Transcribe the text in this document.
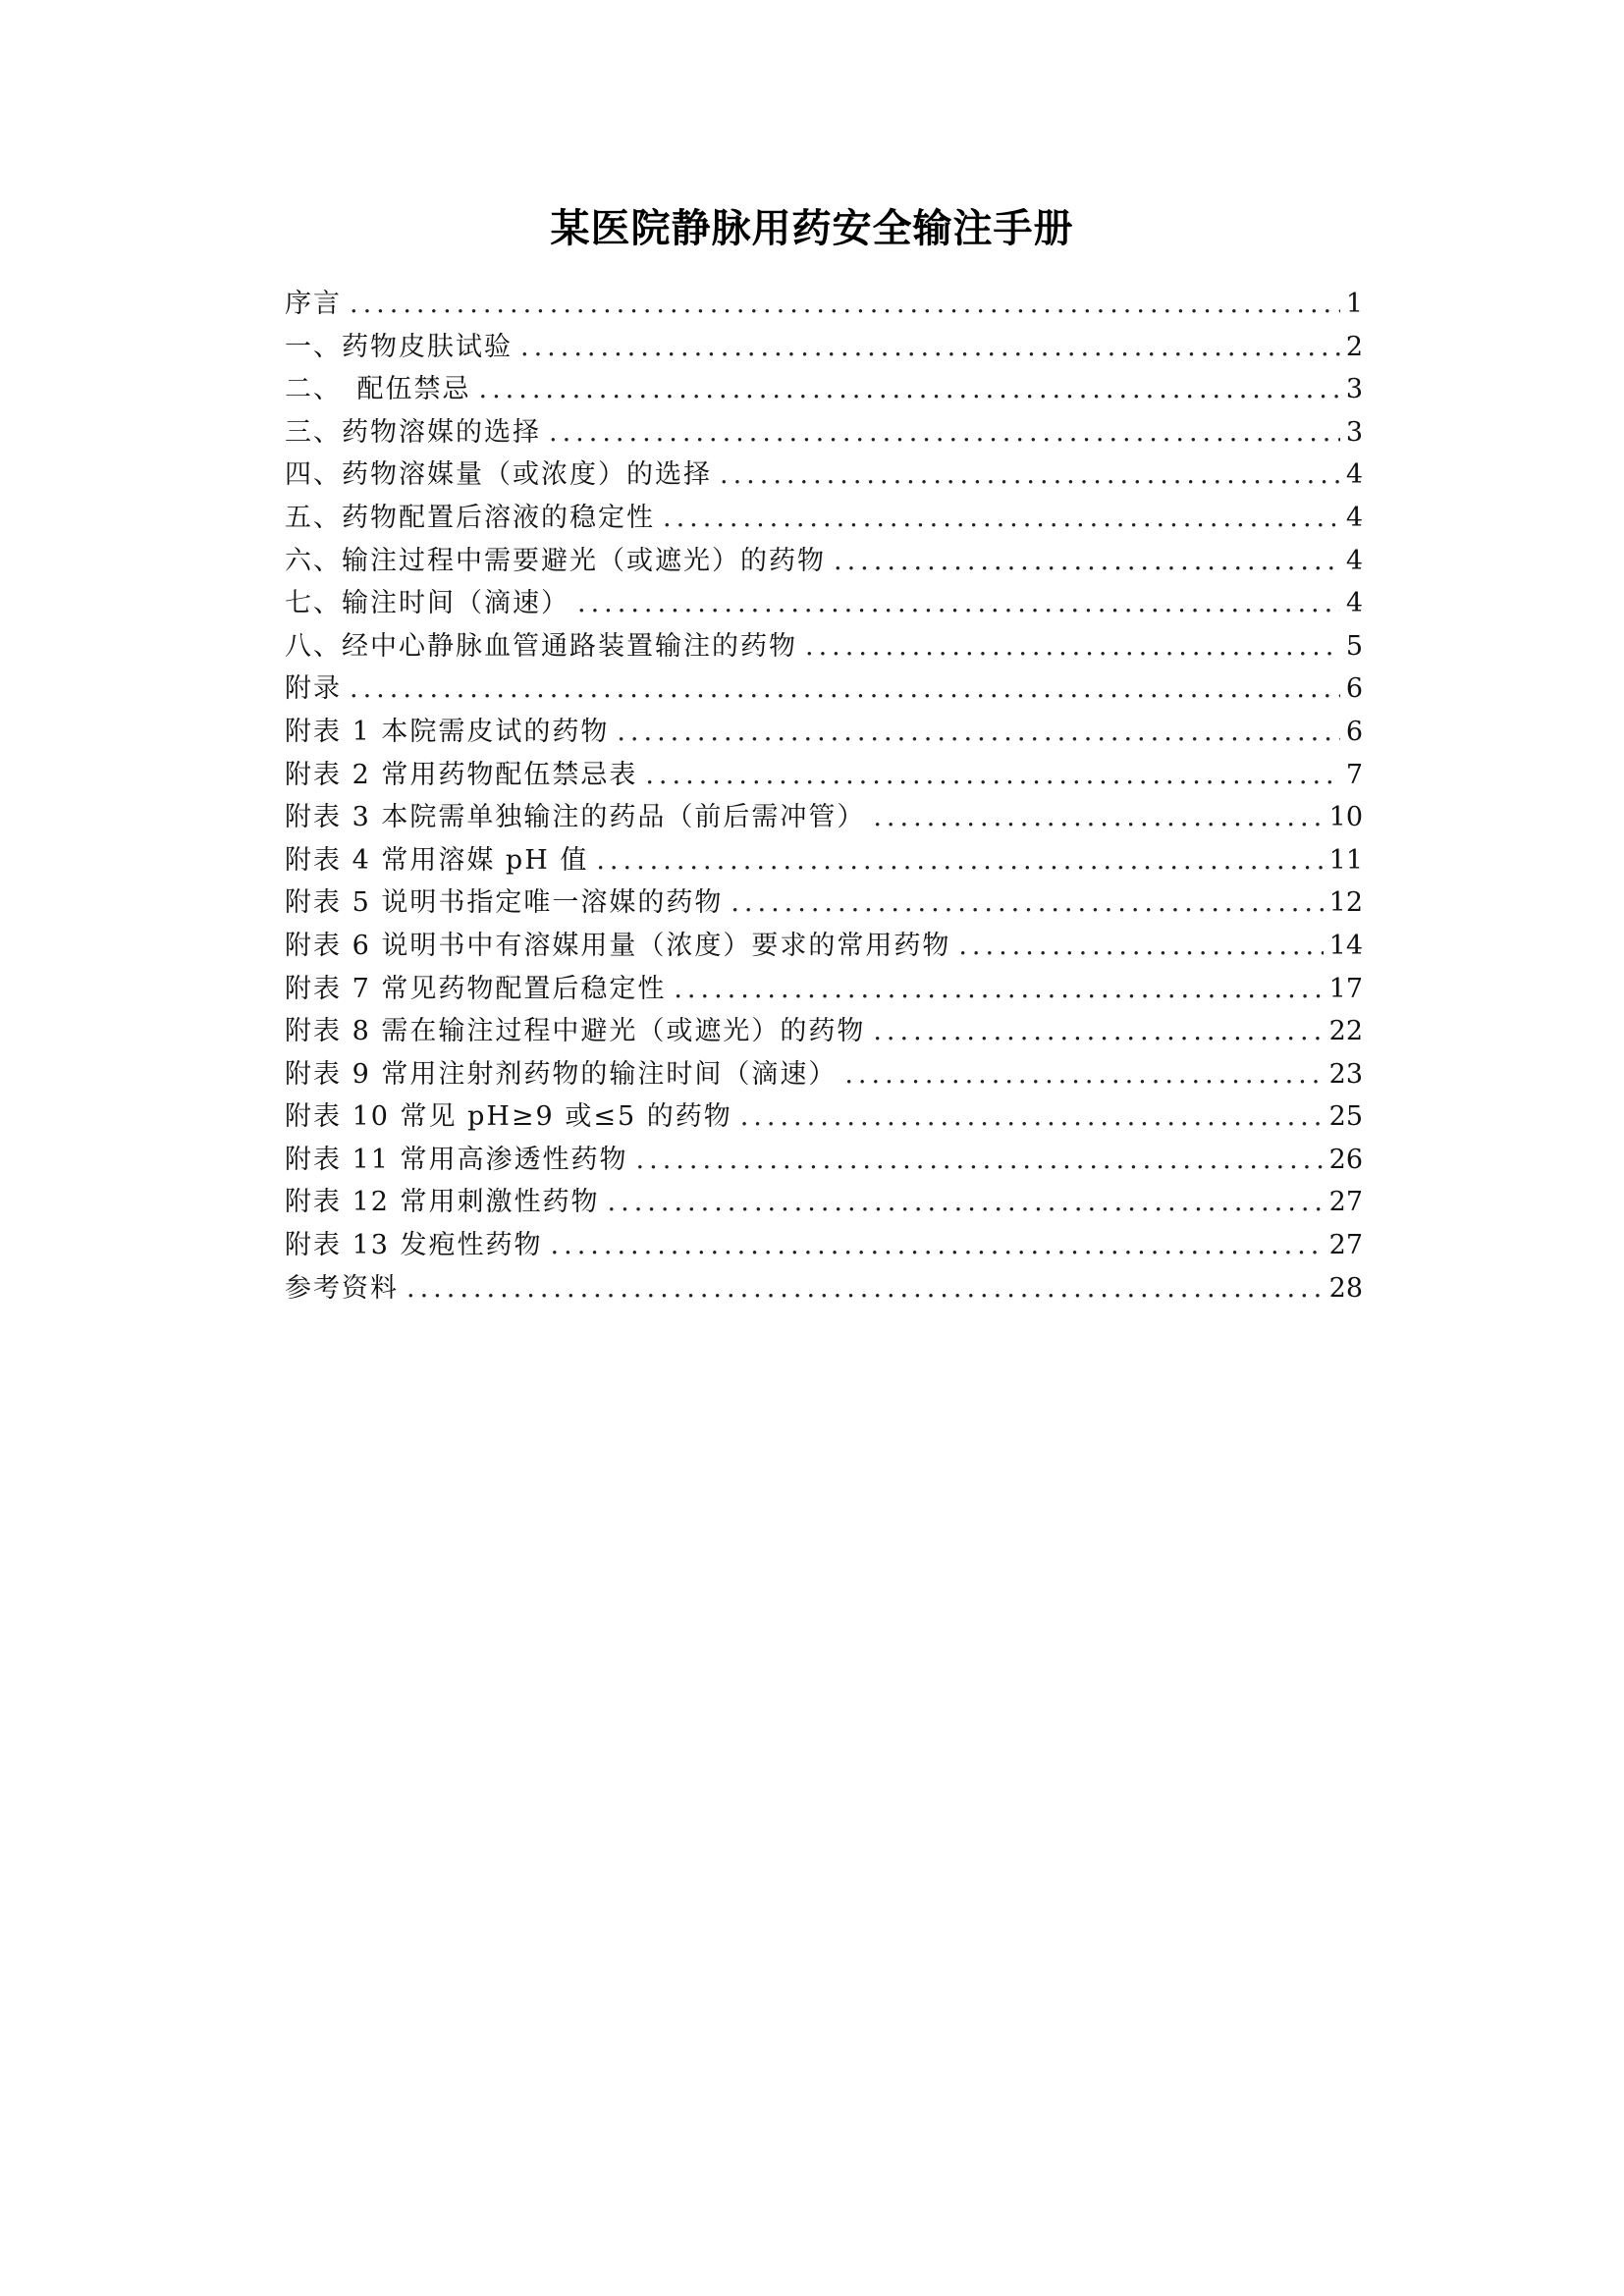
某医院静脉用药安全输注手册
序言 .....	1
一、药物皮肤试验 .....	2
二、　配伍禁忌 .....	3
三、药物溶媒的选择 .....	3
四、药物溶媒量（或浓度）的选择 .....	4
五、药物配置后溶液的稳定性 .....	4
六、输注过程中需要避光（或遮光）的药物 .....	4
七、输注时间（滴速） .....	4
八、经中心静脉血管通路装置输注的药物 .....	5
附录 .....	6
附表 1 本院需皮试的药物 .....	6
附表 2 常用药物配伍禁忌表 .....	7
附表 3 本院需单独输注的药品（前后需冲管） .....	10
附表 4 常用溶媒 pH 值 .....	11
附表 5 说明书指定唯一溶媒的药物 .....	12
附表 6 说明书中有溶媒用量（浓度）要求的常用药物 .....	14
附表 7 常见药物配置后稳定性 .....	17
附表 8 需在输注过程中避光（或遮光）的药物 .....	22
附表 9 常用注射剂药物的输注时间（滴速） .....	23
附表 10 常见 pH≥9 或≤5 的药物 .....	25
附表 11 常用高渗透性药物 .....	26
附表 12 常用刺激性药物 .....	27
附表 13 发疱性药物 .....	27
参考资料 .....	28
